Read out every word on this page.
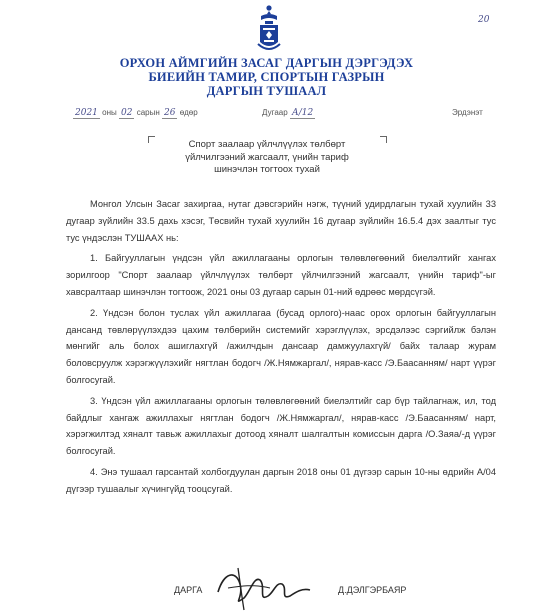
20
ОРХОН АЙМГИЙН ЗАСАГ ДАРГЫН ДЭРГЭДЭХ
БИЕИЙН ТАМИР, СПОРТЫН ГАЗРЫН
ДАРГЫН ТУШААЛ
2021 оны 02 сарын 26 өдөр	Дугаар А/12	Эрдэнэт
Спорт заалаар үйлчлүүлэх төлбөрт
үйлчилгээний жагсаалт, үнийн тариф
шинэчлэн тогтоох тухай

Монгол Улсын Засаг захиргаа, нутаг дэвсгэрийн нэгж, түүний удирдлагын тухай хуулийн 33 дугаар зүйлийн 33.5 дахь хэсэг, Төсвийн тухай хуулийн 16 дугаар зүйлийн 16.5.4 дэх заалтыг тус тус үндэслэн ТУШААХ нь:

1. Байгууллагын үндсэн үйл ажиллагааны орлогын төлөвлөгөөний биелэлтийг хангах зорилгоор "Спорт заалаар үйлчлүүлэх төлбөрт үйлчилгээний жагсаалт, үнийн тариф"-ыг хавсралтаар шинэчлэн тогтоож, 2021 оны 03 дугаар сарын 01-ний өдрөөс мөрдсүгэй.

2. Үндсэн болон туслах үйл ажиллагаа (бусад орлого)-наас орох орлогын байгууллагын дансанд төвлөрүүлэхдээ цахим төлбөрийн системийг хэрэглүүлэх, эрсдэлээс сэргийлж бэлэн мөнгийг аль болох ашиглахгүй /ажилчдын дансаар дамжуулахгүй/ байх талаар журам боловсруулж хэрэгжүүлэхийг нягтлан бодогч /Ж.Нямжаргал/, нярав-касс /Э.Баасанням/ нарт үүрэг болгосугай.

3. Үндсэн үйл ажиллагааны орлогын төлөвлөгөөний биелэлтийг сар бүр тайлагнаж, ил, тод байдлыг хангаж ажиллахыг нягтлан бодогч /Ж.Нямжаргал/, нярав-касс /Э.Баасанням/ нарт, хэрэгжилтэд хяналт тавьж ажиллахыг дотоод хяналт шалгалтын комиссын дарга /О.Заяа/-д үүрэг болгосугай.

4. Энэ тушаал гарсантай холбогдуулан даргын 2018 оны 01 дүгээр сарын 10-ны өдрийн А/04 дүгээр тушаалыг хүчингүйд тооцсугай.

ДАРГА	Д.ДЭЛГЭРБАЯР
